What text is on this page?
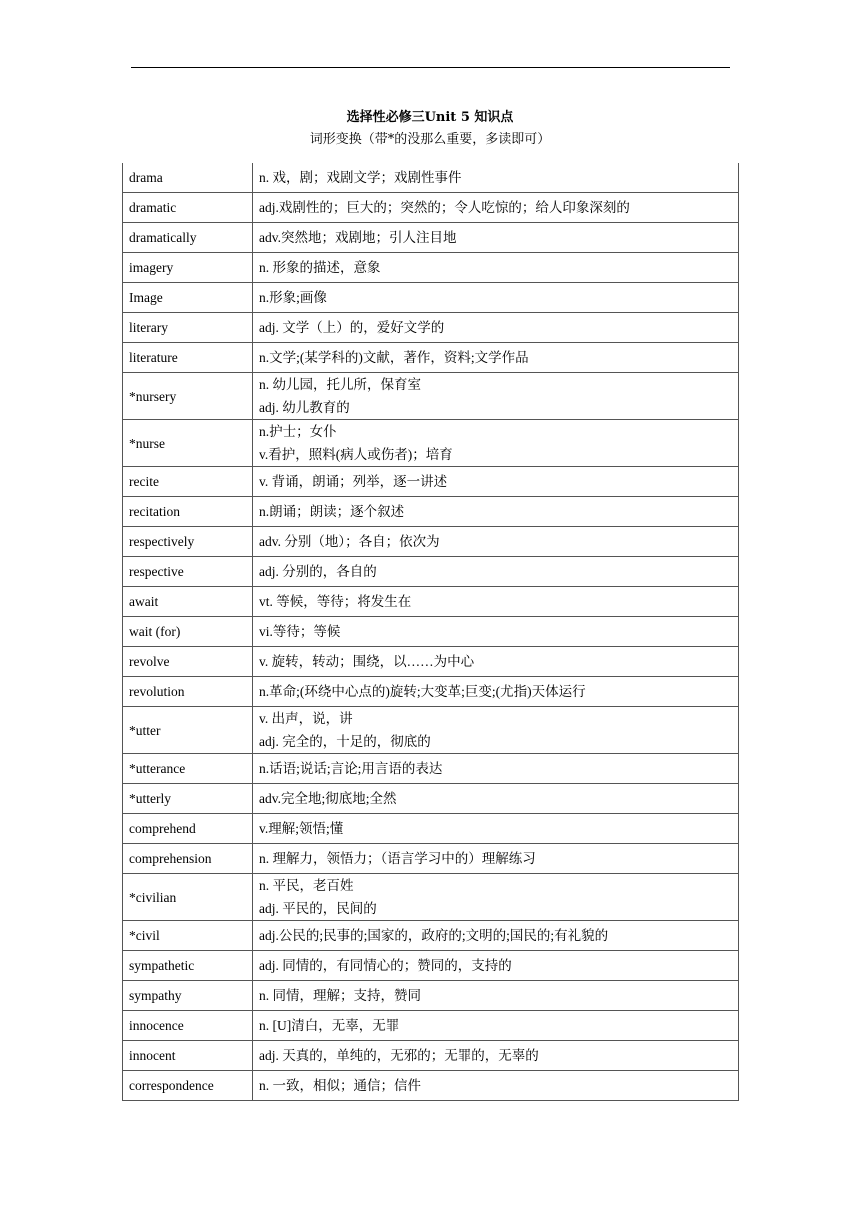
选择性必修三Unit 5 知识点
词形变换（带*的没那么重要，多读即可）
drama	n. 戏，剧；戏剧文学；戏剧性事件

dramatic	adj.戏剧性的；巨大的；突然的；令人吃惊的；给人印象深刻的

dramatically	adv.突然地；戏剧地；引人注目地

imagery	n. 形象的描述，意象

Image	n.形象;画像

literary	adj. 文学（上）的，爱好文学的

literature	n.文学;(某学科的)文献，著作，资料;文学作品

*nursery	n. 幼儿园，托儿所，保育室
adj. 幼儿教育的

*nurse	n.护士；女仆
v.看护，照料(病人或伤者)；培育

recite	v. 背诵，朗诵；列举，逐一讲述

recitation	n.朗诵；朗读；逐个叙述

respectively	adv. 分别（地）；各自；依次为

respective	adj. 分别的，各自的

await	vt. 等候，等待；将发生在

wait (for)	vi.等待；等候

revolve	v. 旋转，转动；围绕，以……为中心

revolution	n.革命;(环绕中心点的)旋转;大变革;巨变;(尤指)天体运行

*utter	v. 出声，说，讲
adj. 完全的，十足的，彻底的

*utterance	n.话语;说话;言论;用言语的表达

*utterly	adv.完全地;彻底地;全然

comprehend	v.理解;领悟;懂

comprehension	n. 理解力，领悟力；（语言学习中的）理解练习

*civilian	n. 平民，老百姓
adj. 平民的，民间的

*civil	adj.公民的;民事的;国家的，政府的;文明的;国民的;有礼貌的

sympathetic	adj. 同情的，有同情心的；赞同的，支持的

sympathy	n. 同情，理解；支持，赞同

innocence	n. [U]清白，无辜，无罪

innocent	adj. 天真的，单纯的，无邪的；无罪的，无辜的

correspondence	n. 一致，相似；通信；信件
